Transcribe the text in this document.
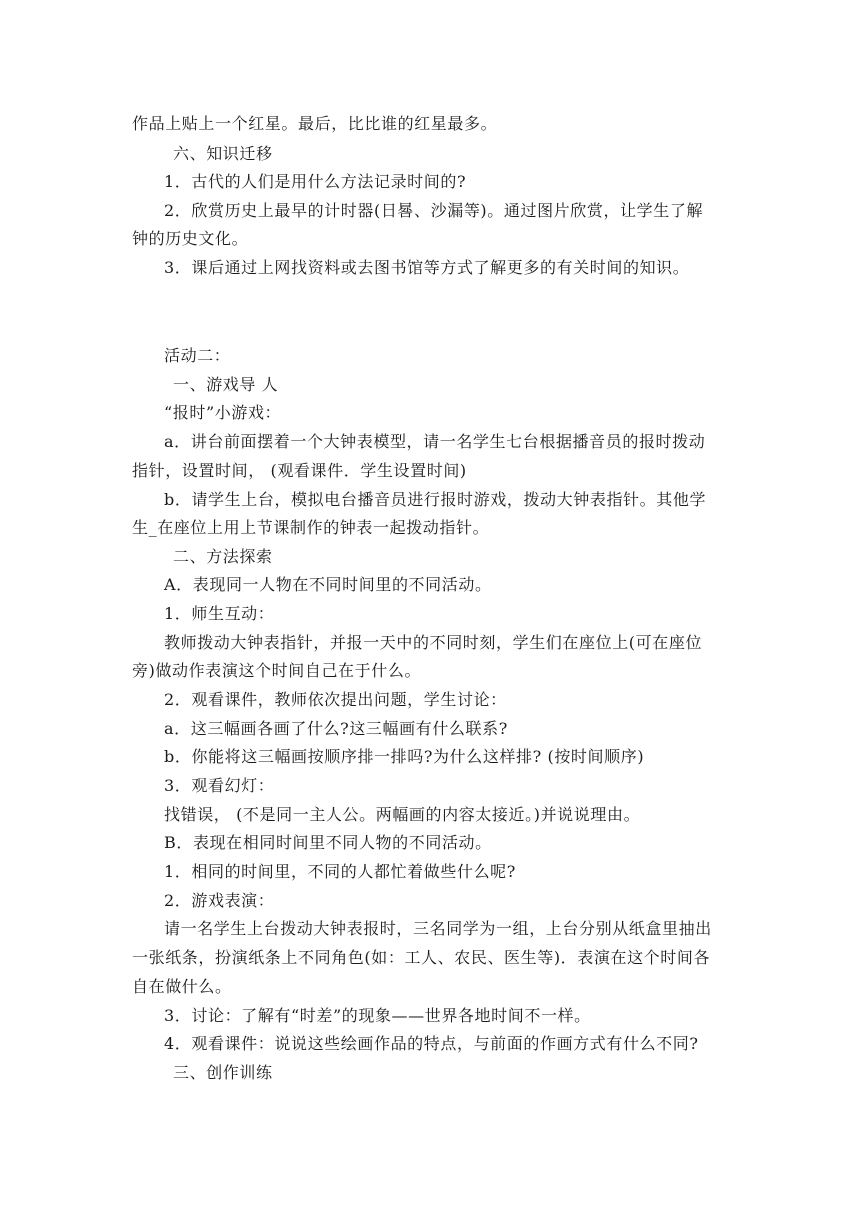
作品上贴上一个红星。最后，比比谁的红星最多。
六、知识迁移
1．古代的人们是用什么方法记录时间的?
2．欣赏历史上最早的计时器(日晷、沙漏等)。通过图片欣赏，让学生了解
钟的历史文化。
3．课后通过上网找资料或去图书馆等方式了解更多的有关时间的知识。
活动二：
一、游戏导 人
“报时”小游戏：
a．讲台前面摆着一个大钟表模型，请一名学生七台根据播音员的报时拨动
指针，设置时间， (观看课件．学生设置时间)
b．请学生上台，模拟电台播音员进行报时游戏，拨动大钟表指针。其他学
生_在座位上用上节课制作的钟表一起拨动指针。
二、方法探索
A．表现同一人物在不同时间里的不同活动。
1．师生互动：
教师拨动大钟表指针，并报一天中的不同时刻，学生们在座位上(可在座位
旁)做动作表演这个时间自己在于什么。
2．观看课件，教师依次提出问题，学生讨论：
a．这三幅画各画了什么?这三幅画有什么联系?
b．你能将这三幅画按顺序排一排吗?为什么这样排? (按时间顺序)
3．观看幻灯：
找错误， (不是同一主人公。两幅画的内容太接近。)并说说理由。
B．表现在相同时间里不同人物的不同活动。
1．相同的时间里，不同的人都忙着做些什么呢?
2．游戏表演：
请一名学生上台拨动大钟表报时，三名同学为一组，上台分别从纸盒里抽出
一张纸条，扮演纸条上不同角色(如：工人、农民、医生等)．表演在这个时间各
自在做什么。
3．讨论：了解有“时差”的现象——世界各地时间不一样。
4．观看课件：说说这些绘画作品的特点，与前面的作画方式有什么不同?
三、创作训练
